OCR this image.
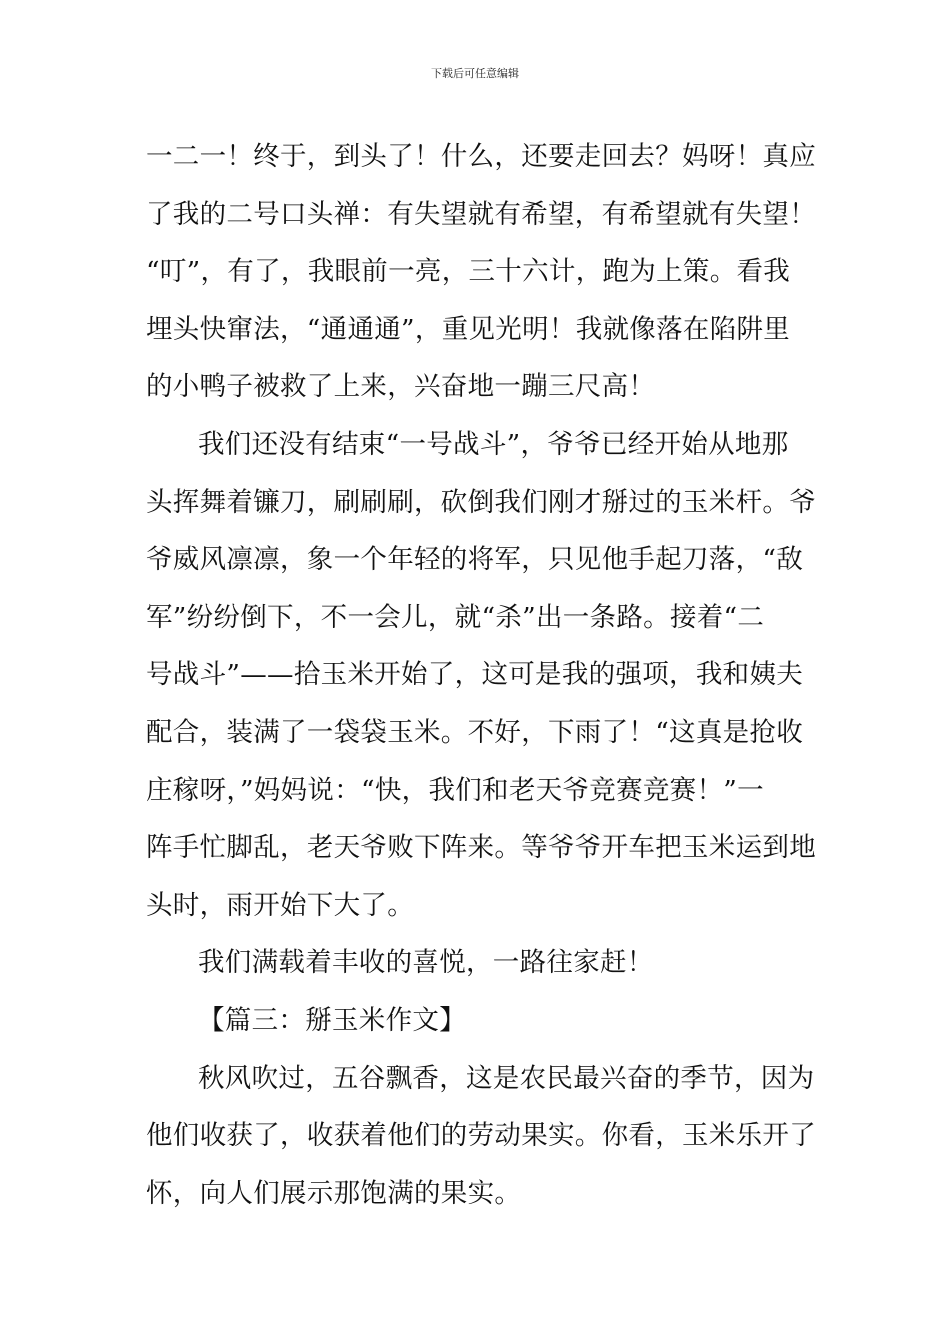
下载后可任意编辑
一二一！终于，到头了！什么，还要走回去？妈呀！真应
了我的二号口头禅：有失望就有希望，有希望就有失望！
“叮”，有了，我眼前一亮，三十六计，跑为上策。看我
埋头快窜法，“通通通”，重见光明！我就像落在陷阱里
的小鸭子被救了上来，兴奋地一蹦三尺高！
我们还没有结束“一号战斗”，爷爷已经开始从地那
头挥舞着镰刀，刷刷刷，砍倒我们刚才掰过的玉米杆。爷
爷威风凛凛，象一个年轻的将军，只见他手起刀落，“敌
军”纷纷倒下，不一会儿，就“杀”出一条路。接着“二
号战斗”——拾玉米开始了，这可是我的强项，我和姨夫
配合，装满了一袋袋玉米。不好，下雨了！“这真是抢收
庄稼呀，”妈妈说：“快，我们和老天爷竞赛竞赛！”一
阵手忙脚乱，老天爷败下阵来。等爷爷开车把玉米运到地
头时，雨开始下大了。
我们满载着丰收的喜悦，一路往家赶！
【篇三：掰玉米作文】
秋风吹过，五谷飘香，这是农民最兴奋的季节，因为
他们收获了，收获着他们的劳动果实。你看，玉米乐开了
怀，向人们展示那饱满的果实。
